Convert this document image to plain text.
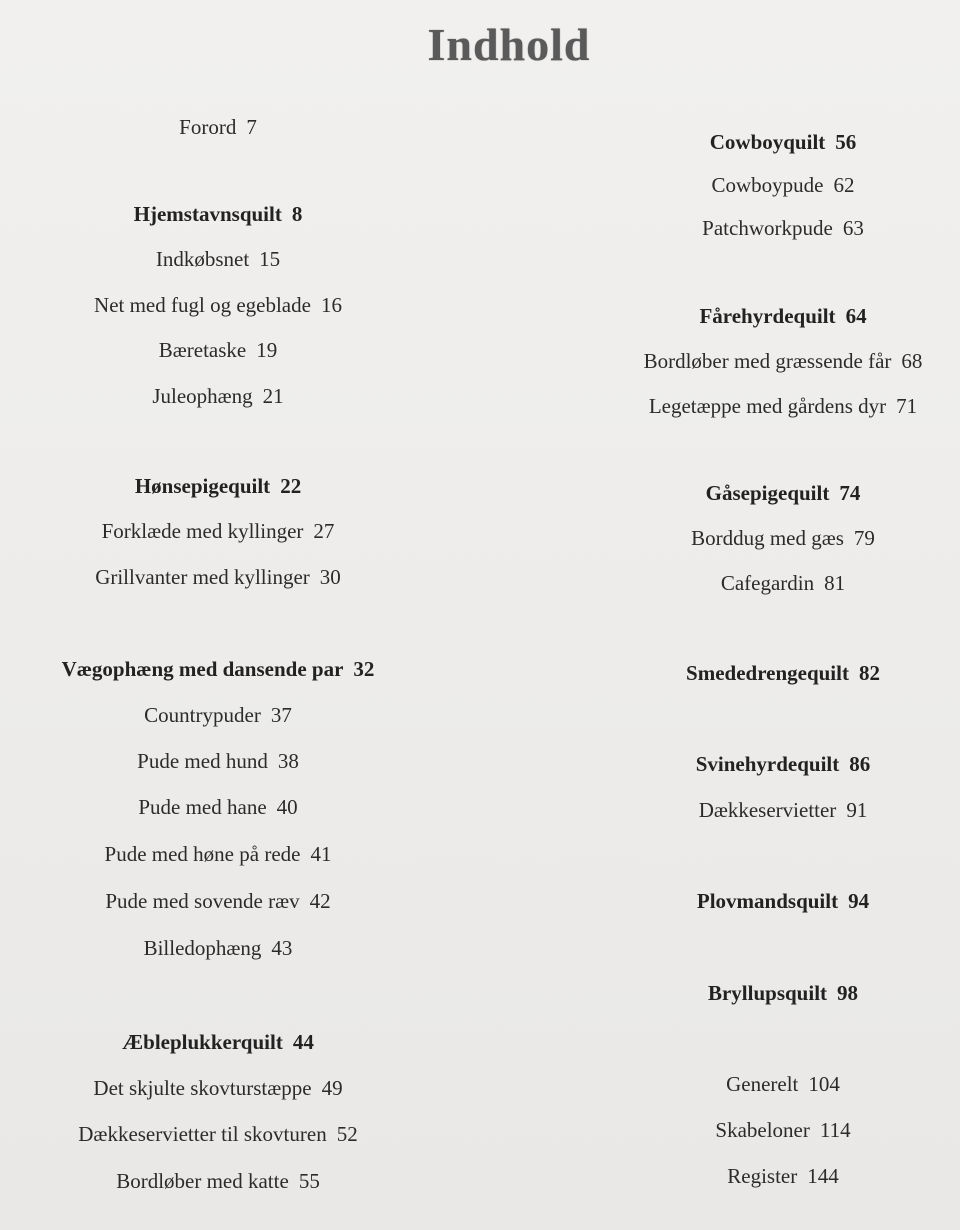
Indhold
Forord 7
Hjemstavnsquilt 8
Indkøbsnet 15
Net med fugl og egeblade 16
Bæretaske 19
Juleophæng 21
Hønsepigequilt 22
Forklæde med kyllinger 27
Grillvanter med kyllinger 30
Vægophæng med dansende par 32
Countrypuder 37
Pude med hund 38
Pude med hane 40
Pude med høne på rede 41
Pude med sovende ræv 42
Billedophæng 43
Æbleplukkerquilt 44
Det skjulte skovturstæppe 49
Dækkeservietter til skovturen 52
Bordløber med katte 55
Cowboyquilt 56
Cowboypude 62
Patchworkpude 63
Fårehyrdequilt 64
Bordløber med græssende får 68
Legetæppe med gårdens dyr 71
Gåsepigequilt 74
Borddug med gæs 79
Cafegardin 81
Smededrengequilt 82
Svinehyrdequilt 86
Dækkeservietter 91
Plovmandsquilt 94
Bryllupsquilt 98
Generelt 104
Skabeloner 114
Register 144
